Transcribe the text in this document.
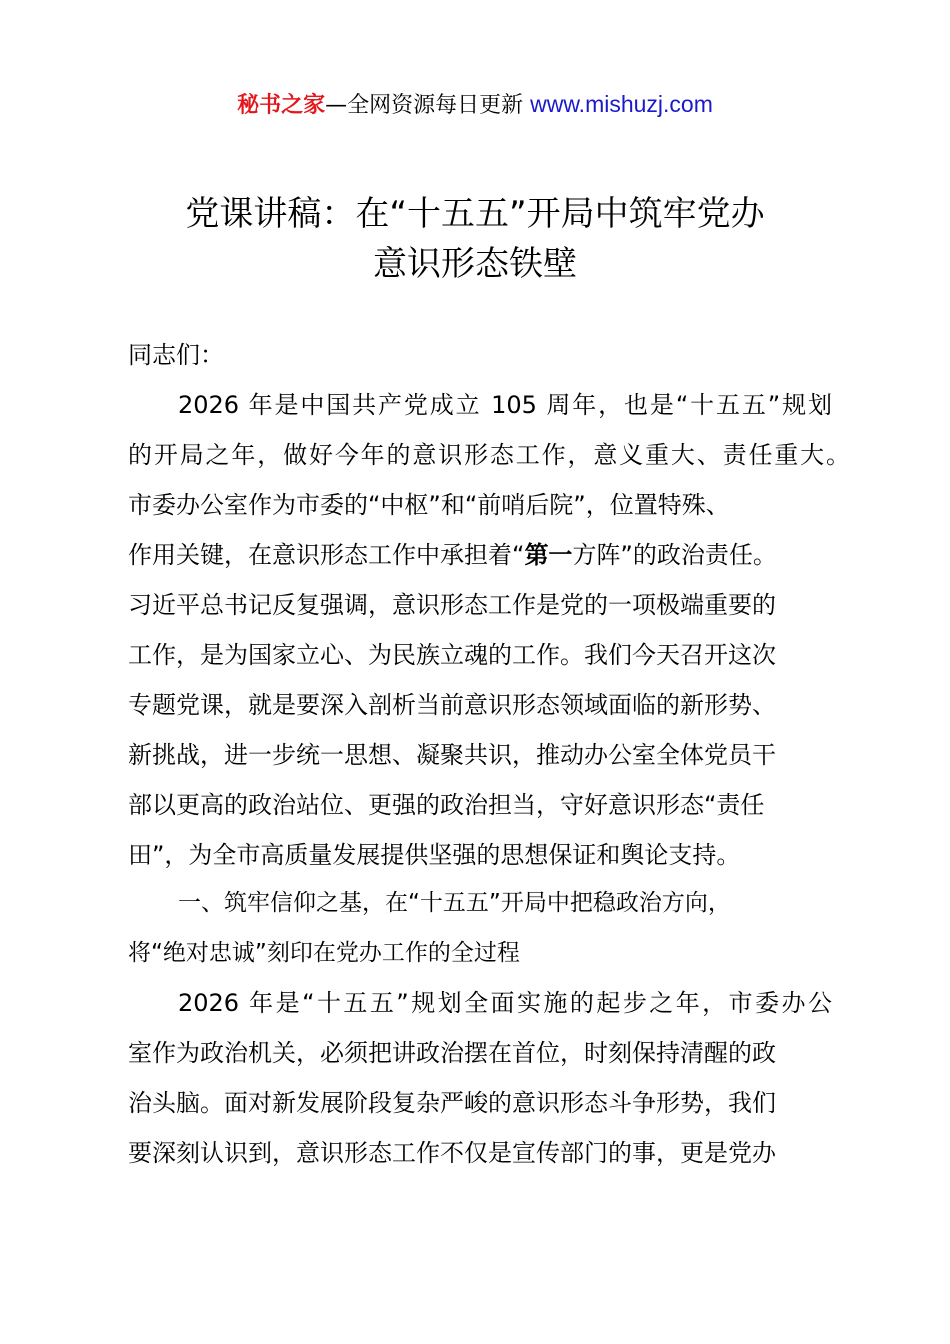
秘书之家—全网资源每日更新 www.mishuzj.com
党课讲稿：在“十五五”开局中筑牢党办
意识形态铁壁
同志们：
2026 年是中国共产党成立 105 周年，也是“十五五”规划
的开局之年，做好今年的意识形态工作，意义重大、责任重大。
市委办公室作为市委的“中枢”和“前哨后院”，位置特殊、
作用关键，在意识形态工作中承担着“第一方阵”的政治责任。
习近平总书记反复强调，意识形态工作是党的一项极端重要的
工作，是为国家立心、为民族立魂的工作。我们今天召开这次
专题党课，就是要深入剖析当前意识形态领域面临的新形势、
新挑战，进一步统一思想、凝聚共识，推动办公室全体党员干
部以更高的政治站位、更强的政治担当，守好意识形态“责任
田”，为全市高质量发展提供坚强的思想保证和舆论支持。
一、筑牢信仰之基，在“十五五”开局中把稳政治方向，
将“绝对忠诚”刻印在党办工作的全过程
2026 年是“十五五”规划全面实施的起步之年，市委办公
室作为政治机关，必须把讲政治摆在首位，时刻保持清醒的政
治头脑。面对新发展阶段复杂严峻的意识形态斗争形势，我们
要深刻认识到，意识形态工作不仅是宣传部门的事，更是党办
